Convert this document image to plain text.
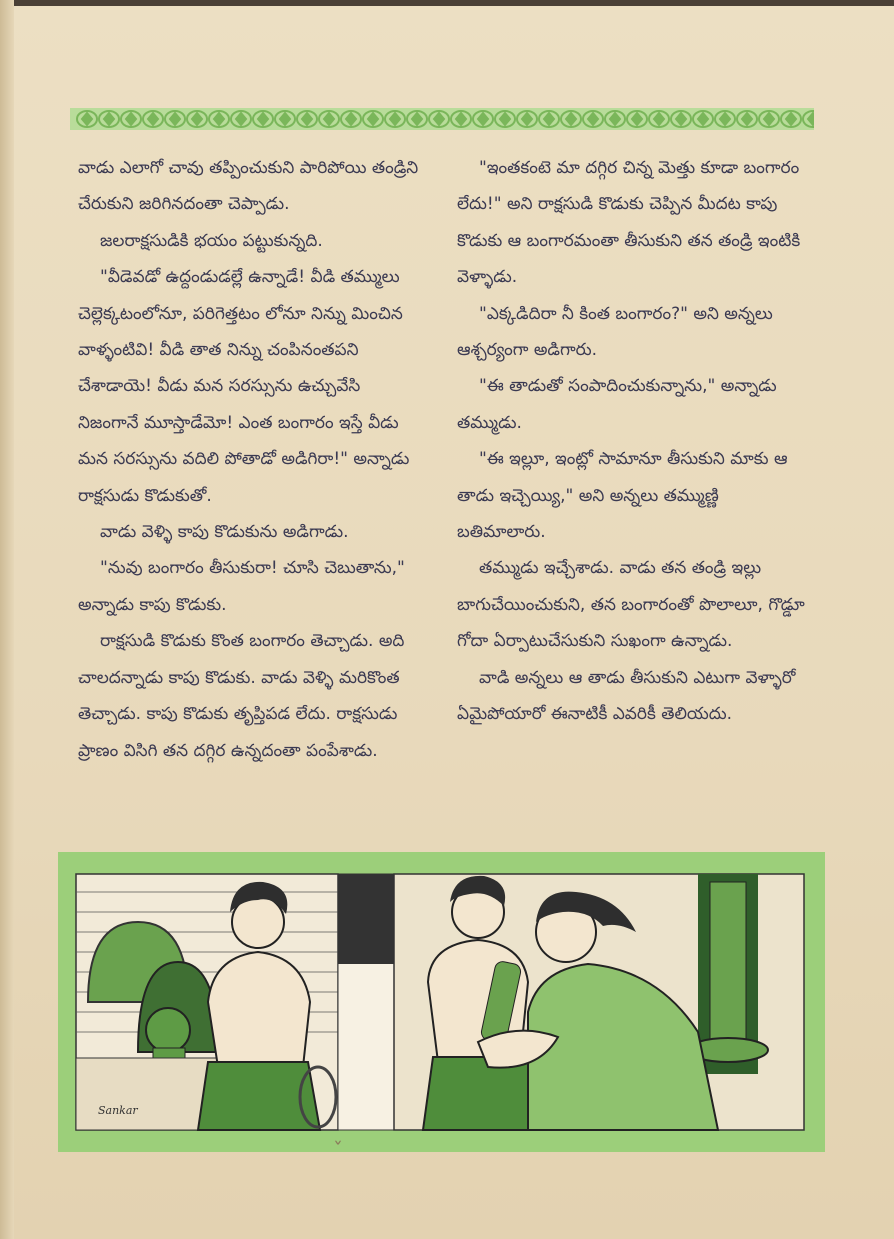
వాడు ఎలాగో చావు తప్పించుకుని పారిపోయి తండ్రిని చేరుకుని జరిగినదంతా చెప్పాడు.

జలరాక్షసుడికి భయం పట్టుకున్నది.

"వీడెవడో ఉద్దండుడల్లే ఉన్నాడే! వీడి తమ్ములు చెల్లెక్కటంలోనూ, పరిగెత్తటం లోనూ నిన్ను మించిన వాళ్ళంటివి! వీడి తాత నిన్ను చంపినంతపని చేశాడాయె! వీడు మన సరస్సును ఉచ్చువేసి నిజంగానే మూస్తాడేమో! ఎంత బంగారం ఇస్తే వీడు మన సరస్సును వదిలి పోతాడో అడిగిరా!" అన్నాడు రాక్షసుడు కొడుకుతో.

వాడు వెళ్ళి కాపు కొడుకును అడిగాడు.

"నువు బంగారం తీసుకురా! చూసి చెబుతాను," అన్నాడు కాపు కొడుకు.

రాక్షసుడి కొడుకు కొంత బంగారం తెచ్చాడు. అది చాలదన్నాడు కాపు కొడుకు. వాడు వెళ్ళి మరికొంత తెచ్చాడు. కాపు కొడుకు తృప్తిపడ లేదు. రాక్షసుడు ప్రాణం విసిగి తన దగ్గిర ఉన్నదంతా పంపేశాడు.

"ఇంతకంటె మా దగ్గిర చిన్న మెత్తు కూడా బంగారం లేదు!" అని రాక్షసుడి కొడుకు చెప్పిన మీదట కాపు కొడుకు ఆ బంగారమంతా తీసుకుని తన తండ్రి ఇంటికి వెళ్ళాడు.

"ఎక్కడిదిరా నీ కింత బంగారం?" అని అన్నలు ఆశ్చర్యంగా అడిగారు.

"ఈ తాడుతో సంపాదించుకున్నాను," అన్నాడు తమ్ముడు.

"ఈ ఇల్లూ, ఇంట్లో సామానూ తీసుకుని మాకు ఆ తాడు ఇచ్చెయ్యి," అని అన్నలు తమ్ముణ్ణి బతిమాలారు.

తమ్ముడు ఇచ్చేశాడు. వాడు తన తండ్రి ఇల్లు బాగుచేయించుకుని, తన బంగారంతో పొలాలూ, గొడ్డూ గోదా ఏర్పాటుచేసుకుని సుఖంగా ఉన్నాడు.

వాడి అన్నలు ఆ తాడు తీసుకుని ఎటుగా వెళ్ళారో ఏమైపోయారో ఈనాటికీ ఎవరికీ తెలియదు.

Sankar
ˇ
